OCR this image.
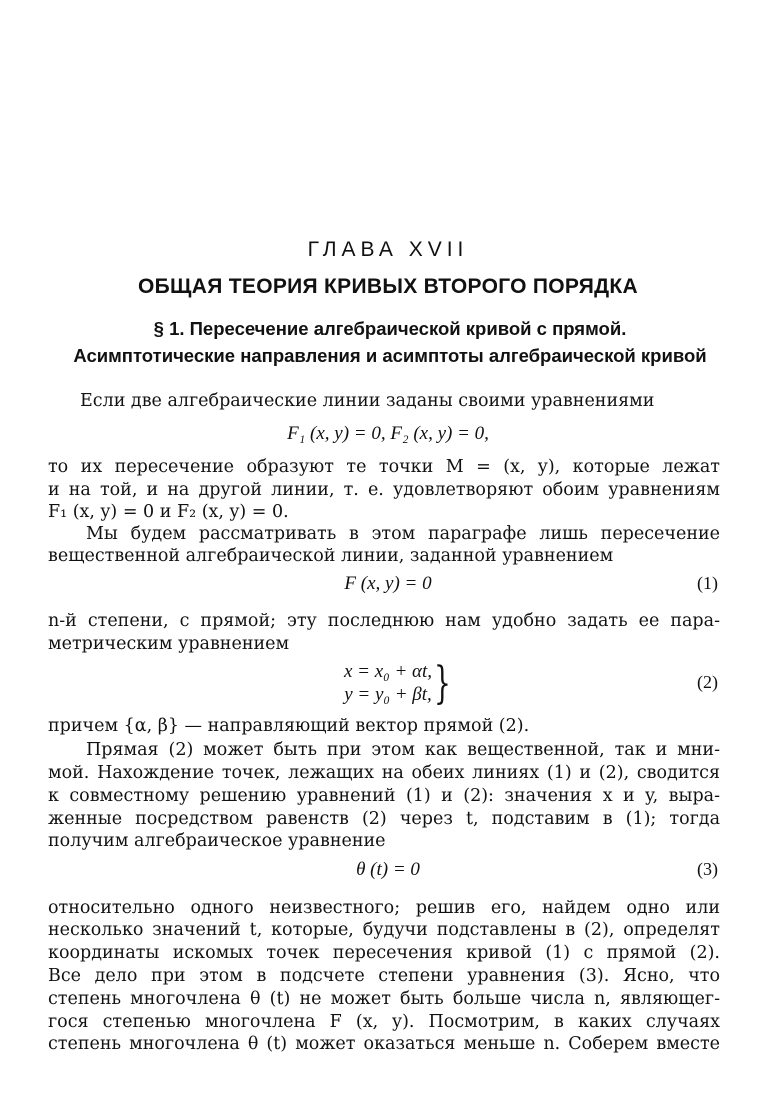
ГЛАВА XVII
ОБЩАЯ ТЕОРИЯ КРИВЫХ ВТОРОГО ПОРЯДКА
§ 1. Пересечение алгебраической кривой с прямой.
Асимптотические направления и асимптоты алгебраической кривой
Если две алгебраические линии заданы своими уравнениями
F₁ (x, y) = 0, F₂ (x, y) = 0,
то их пересечение образуют те точки M = (x, y), которые лежат
и на той, и на другой линии, т. е. удовлетворяют обоим уравнениям
F₁ (x, y) = 0 и F₂ (x, y) = 0.
Мы будем рассматривать в этом параграфе лишь пересечение
вещественной алгебраической линии, заданной уравнением
F (x, y) = 0	(1)
n-й степени, с прямой; эту последнюю нам удобно задать ее пара-
метрическим уравнением
x = x₀ + αt,
y = y₀ + βt, }	(2)
причем {α, β} — направляющий вектор прямой (2).
Прямая (2) может быть при этом как вещественной, так и мни-
мой. Нахождение точек, лежащих на обеих линиях (1) и (2), сводится
к совместному решению уравнений (1) и (2): значения x и y, выра-
женные посредством равенств (2) через t, подставим в (1); тогда
получим алгебраическое уравнение
θ (t) = 0	(3)
относительно одного неизвестного; решив его, найдем одно или
несколько значений t, которые, будучи подставлены в (2), определят
координаты искомых точек пересечения кривой (1) с прямой (2).
Все дело при этом в подсчете степени уравнения (3). Ясно, что
степень многочлена θ (t) не может быть больше числа n, являющег-
гося степенью многочлена F (x, y). Посмотрим, в каких случаях
степень многочлена θ (t) может оказаться меньше n. Соберем вместе
